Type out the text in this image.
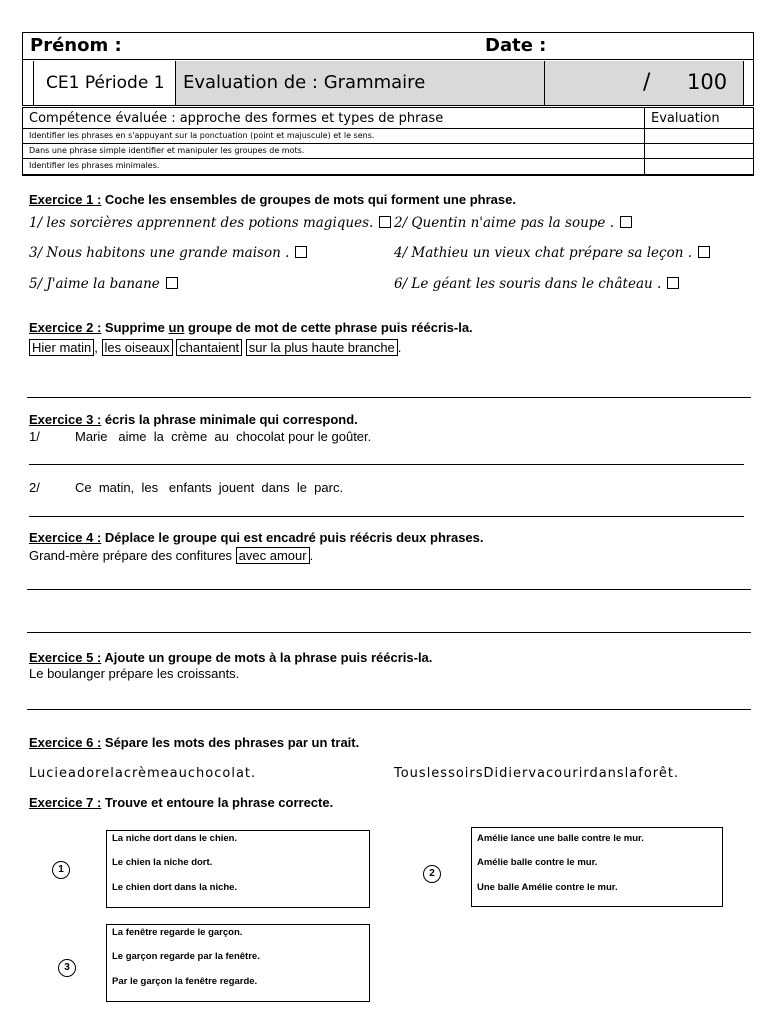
Prénom :	Date :
CE1 Période 1 Evaluation de : Grammaire	/ 100
Compétence évaluée : approche des formes et types de phrase	Evaluation
Identifier les phrases en s'appuyant sur la ponctuation (point et majuscule) et le sens.
Dans une phrase simple identifier et manipuler les groupes de mots.
Identifier les phrases minimales.
Exercice 1 : Coche les ensembles de groupes de mots qui forment une phrase.
1/ les sorcières apprennent des potions magiques.	2/ Quentin n'aime pas la soupe .
3/ Nous habitons une grande maison .	4/ Mathieu un vieux chat prépare sa leçon .
5/ J'aime la banane	6/ Le géant les souris dans le château .
Exercice 2 : Supprime un groupe de mot de cette phrase puis réécris-la.
Hier matin , les oiseaux chantaient sur la plus haute branche .
Exercice 3 : écris la phrase minimale qui correspond.
1/	Marie   aime  la  crème  au  chocolat pour le goûter.
2/	Ce  matin,  les   enfants  jouent  dans  le  parc.
Exercice 4 : Déplace le groupe qui est encadré puis réécris deux phrases.
Grand-mère prépare des confitures avec amour .
Exercice 5 : Ajoute un groupe de mots à la phrase puis réécris-la.
Le boulanger prépare les croissants.
Exercice 6 : Sépare les mots des phrases par un trait.
Lucieadorelacrèmeauchocolat.	TouslessoirsDidiervacourirdanslaforêt.
Exercice 7 : Trouve et entoure la phrase correcte.
1
La niche dort dans le chien.
Le chien la niche dort.
Le chien dort dans la niche.
2
Amélie lance une balle contre le mur.
Amélie balle contre le mur.
Une balle Amélie contre le mur.
3
La fenêtre regarde le garçon.
Le garçon regarde par la fenêtre.
Par le garçon la fenêtre regarde.
